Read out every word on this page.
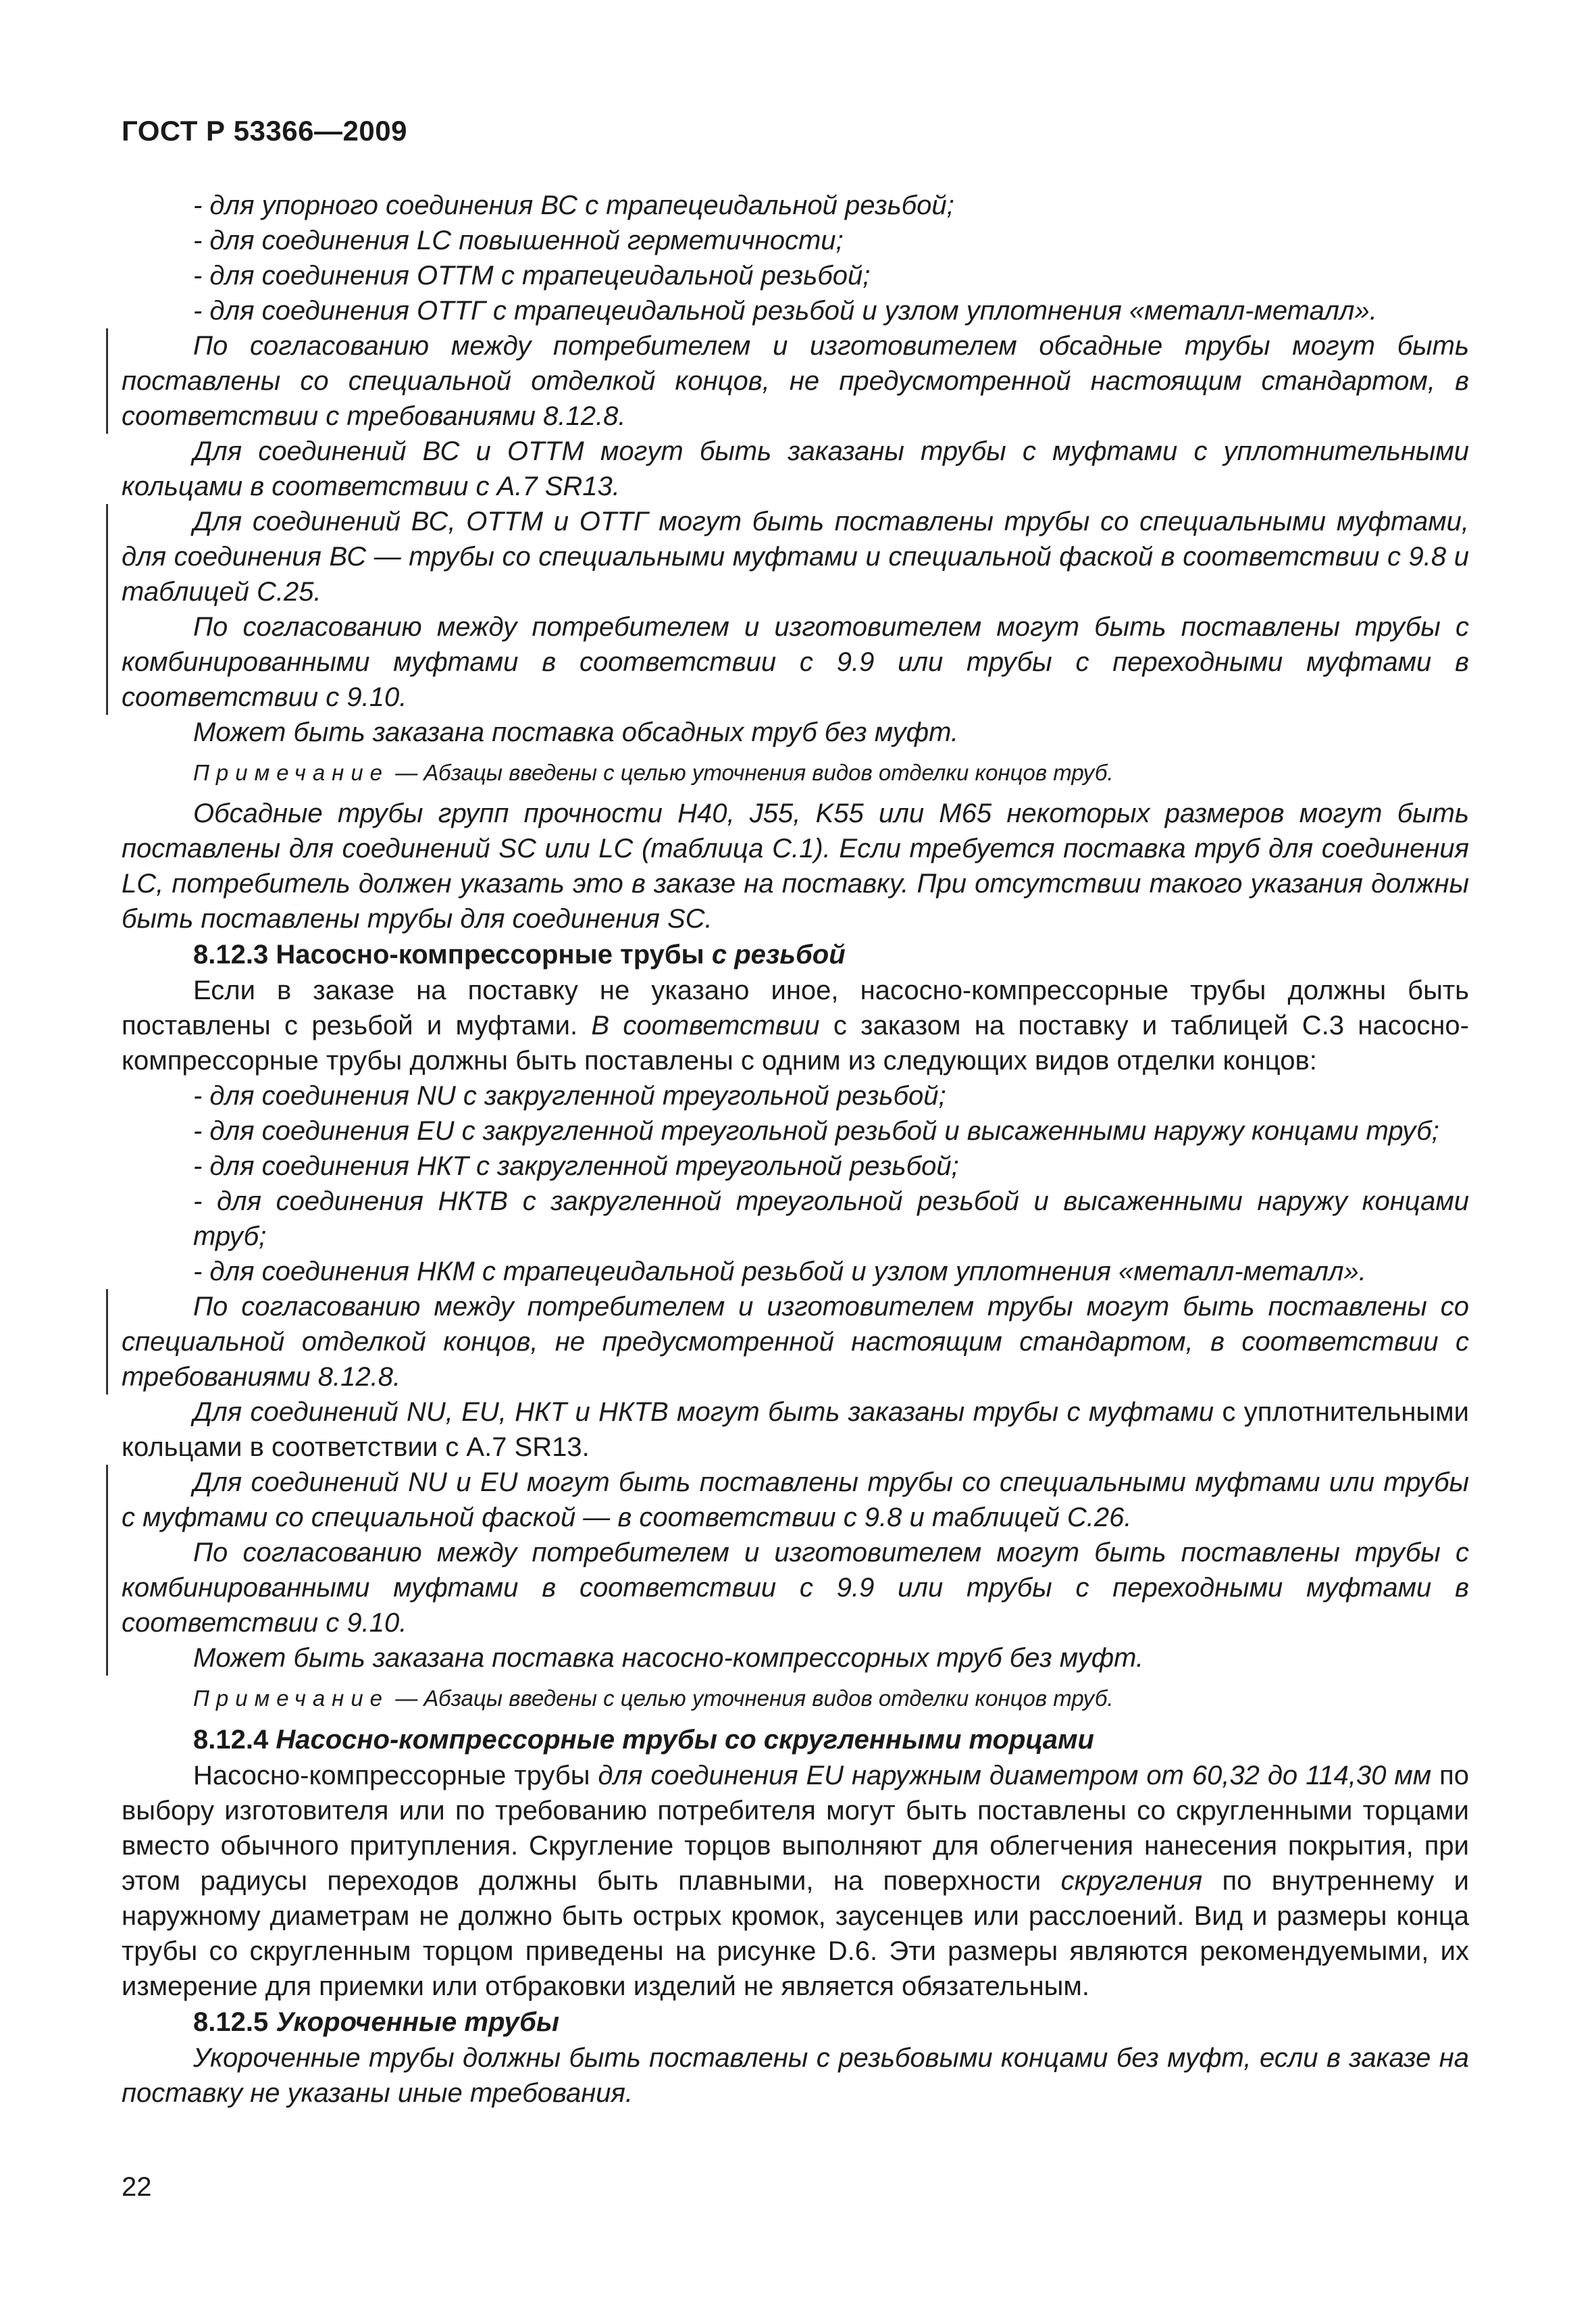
ГОСТ Р 53366—2009

- для упорного соединения ВС с трапецеидальной резьбой;

- для соединения LC повышенной герметичности;

- для соединения ОТТМ с трапецеидальной резьбой;

- для соединения ОТТГ с трапецеидальной резьбой и узлом уплотнения «металл-металл».

По согласованию между потребителем и изготовителем обсадные трубы могут быть поставлены со специальной отделкой концов, не предусмотренной настоящим стандартом, в соответствии с требованиями 8.12.8.

Для соединений ВС и ОТТМ могут быть заказаны трубы с муфтами с уплотнительными кольцами в соответствии с А.7 SR13.

Для соединений ВС, ОТТМ и ОТТГ могут быть поставлены трубы со специальными муфтами, для соединения ВС — трубы со специальными муфтами и специальной фаской в соответствии с 9.8 и таблицей С.25.

По согласованию между потребителем и изготовителем могут быть поставлены трубы с комбинированными муфтами в соответствии с 9.9 или трубы с переходными муфтами в соответствии с 9.10.

Может быть заказана поставка обсадных труб без муфт.

Примечание — Абзацы введены с целью уточнения видов отделки концов труб.

Обсадные трубы групп прочности Н40, J55, K55 или М65 некоторых размеров могут быть поставлены для соединений SC или LC (таблица С.1). Если требуется поставка труб для соединения LC, потребитель должен указать это в заказе на поставку. При отсутствии такого указания должны быть поставлены трубы для соединения SC.

8.12.3 Насосно-компрессорные трубы с резьбой

Если в заказе на поставку не указано иное, насосно-компрессорные трубы должны быть поставлены с резьбой и муфтами. В соответствии с заказом на поставку и таблицей С.3 насосно-компрессорные трубы должны быть поставлены с одним из следующих видов отделки концов:

- для соединения NU с закругленной треугольной резьбой;

- для соединения EU с закругленной треугольной резьбой и высаженными наружу концами труб;

- для соединения НКТ с закругленной треугольной резьбой;

- для соединения НКТВ с закругленной треугольной резьбой и высаженными наружу концами труб;

- для соединения НКМ с трапецеидальной резьбой и узлом уплотнения «металл-металл».

По согласованию между потребителем и изготовителем трубы могут быть поставлены со специальной отделкой концов, не предусмотренной настоящим стандартом, в соответствии с требованиями 8.12.8.

Для соединений NU, EU, НКТ и НКТВ могут быть заказаны трубы с муфтами с уплотнительными кольцами в соответствии с А.7 SR13.

Для соединений NU и EU могут быть поставлены трубы со специальными муфтами или трубы с муфтами со специальной фаской — в соответствии с 9.8 и таблицей С.26.

По согласованию между потребителем и изготовителем могут быть поставлены трубы с комбинированными муфтами в соответствии с 9.9 или трубы с переходными муфтами в соответствии с 9.10.

Может быть заказана поставка насосно-компрессорных труб без муфт.

Примечание — Абзацы введены с целью уточнения видов отделки концов труб.

8.12.4 Насосно-компрессорные трубы со скругленными торцами

Насосно-компрессорные трубы для соединения EU наружным диаметром от 60,32 до 114,30 мм по выбору изготовителя или по требованию потребителя могут быть поставлены со скругленными торцами вместо обычного притупления. Скругление торцов выполняют для облегчения нанесения покрытия, при этом радиусы переходов должны быть плавными, на поверхности скругления по внутреннему и наружному диаметрам не должно быть острых кромок, заусенцев или расслоений. Вид и размеры конца трубы со скругленным торцом приведены на рисунке D.6. Эти размеры являются рекомендуемыми, их измерение для приемки или отбраковки изделий не является обязательным.

8.12.5 Укороченные трубы

Укороченные трубы должны быть поставлены с резьбовыми концами без муфт, если в заказе на поставку не указаны иные требования.

22
